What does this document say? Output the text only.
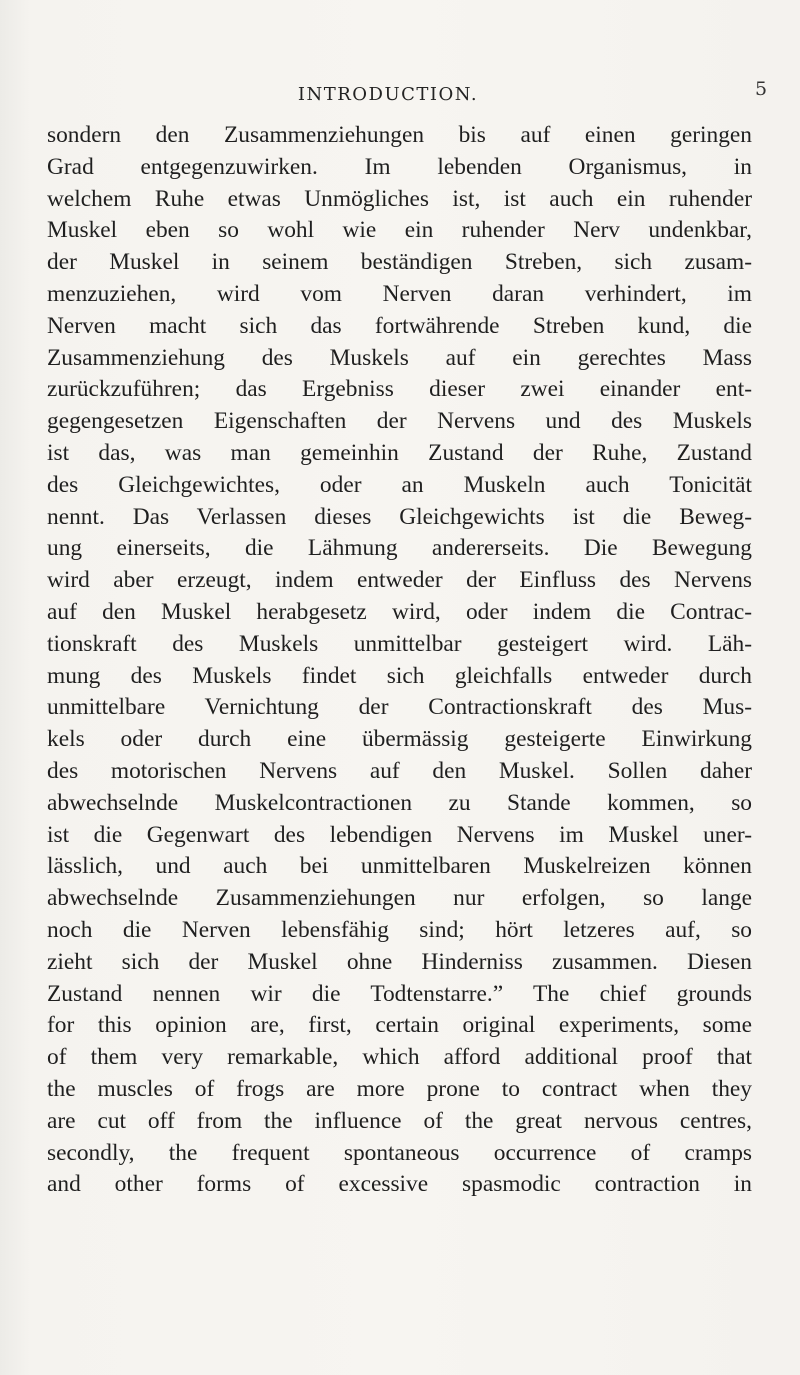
INTRODUCTION.	5
sondern den Zusammenziehungen bis auf einen geringen
Grad entgegenzuwirken. Im lebenden Organismus, in
welchem Ruhe etwas Unmögliches ist, ist auch ein ruhender
Muskel eben so wohl wie ein ruhender Nerv undenkbar,
der Muskel in seinem beständigen Streben, sich zusam-
menzuziehen, wird vom Nerven daran verhindert, im
Nerven macht sich das fortwährende Streben kund, die
Zusammenziehung des Muskels auf ein gerechtes Mass
zurückzuführen; das Ergebniss dieser zwei einander ent-
gegengesetzen Eigenschaften der Nervens und des Muskels
ist das, was man gemeinhin Zustand der Ruhe, Zustand
des Gleichgewichtes, oder an Muskeln auch Tonicität
nennt. Das Verlassen dieses Gleichgewichts ist die Beweg-
ung einerseits, die Lähmung andererseits. Die Bewegung
wird aber erzeugt, indem entweder der Einfluss des Nervens
auf den Muskel herabgesetz wird, oder indem die Contrac-
tionskraft des Muskels unmittelbar gesteigert wird. Läh-
mung des Muskels findet sich gleichfalls entweder durch
unmittelbare Vernichtung der Contractionskraft des Mus-
kels oder durch eine übermässig gesteigerte Einwirkung
des motorischen Nervens auf den Muskel. Sollen daher
abwechselnde Muskelcontractionen zu Stande kommen, so
ist die Gegenwart des lebendigen Nervens im Muskel uner-
lässlich, und auch bei unmittelbaren Muskelreizen können
abwechselnde Zusammenziehungen nur erfolgen, so lange
noch die Nerven lebensfähig sind; hört letzeres auf, so
zieht sich der Muskel ohne Hinderniss zusammen. Diesen
Zustand nennen wir die Todtenstarre.” The chief grounds
for this opinion are, first, certain original experiments, some
of them very remarkable, which afford additional proof that
the muscles of frogs are more prone to contract when they
are cut off from the influence of the great nervous centres,
secondly, the frequent spontaneous occurrence of cramps
and other forms of excessive spasmodic contraction in
